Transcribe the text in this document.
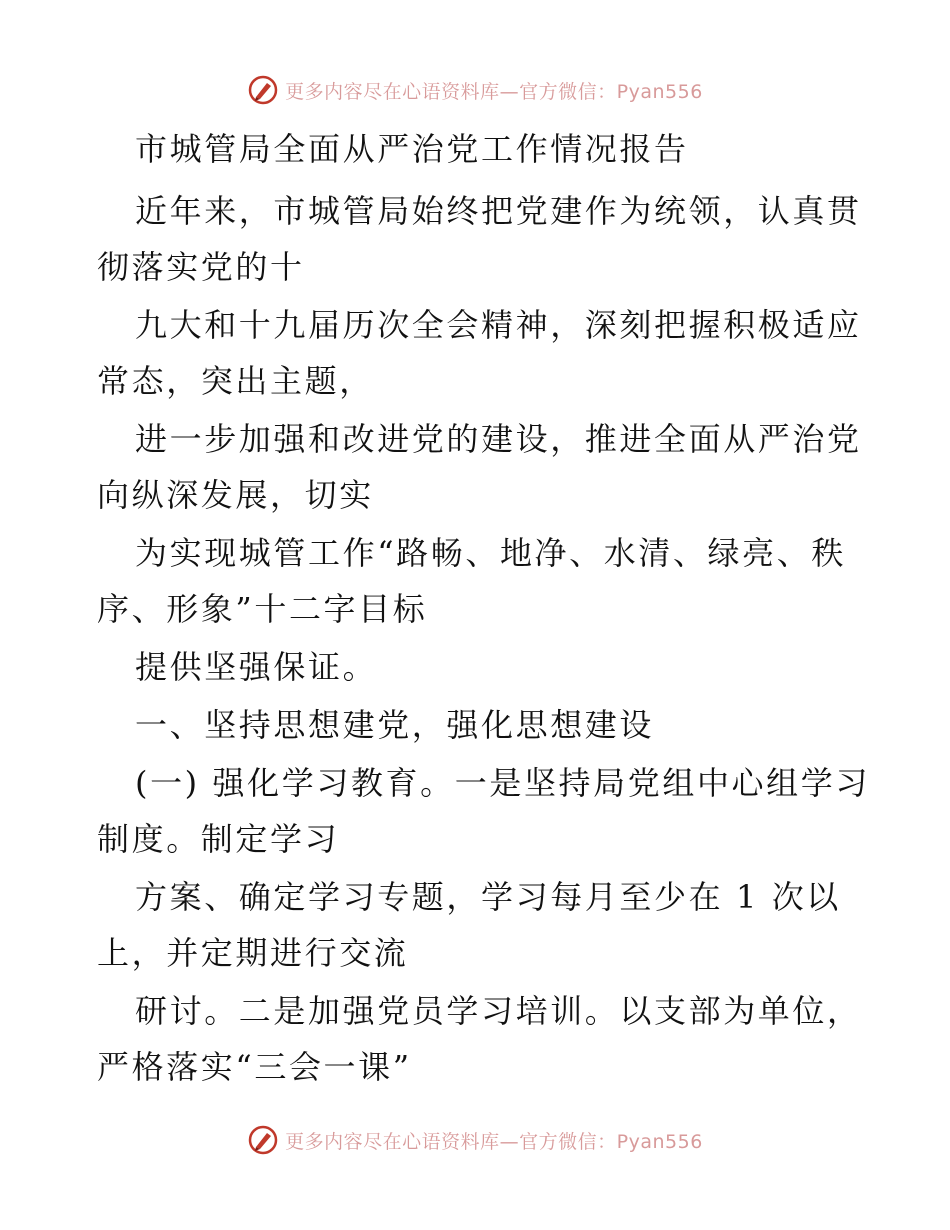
更多内容尽在心语资料库—官方微信：Pyan556
市城管局全面从严治党工作情况报告
近年来，市城管局始终把党建作为统领，认真贯
彻落实党的十
九大和十九届历次全会精神，深刻把握积极适应
常态，突出主题，
进一步加强和改进党的建设，推进全面从严治党
向纵深发展，切实
为实现城管工作“路畅、地净、水清、绿亮、秩
序、形象”十二字目标
提供坚强保证。
一、坚持思想建党，强化思想建设
(一) 强化学习教育。一是坚持局党组中心组学习
制度。制定学习
方案、确定学习专题，学习每月至少在 1 次以
上，并定期进行交流
研讨。二是加强党员学习培训。以支部为单位，
严格落实“三会一课”
更多内容尽在心语资料库—官方微信：Pyan556
